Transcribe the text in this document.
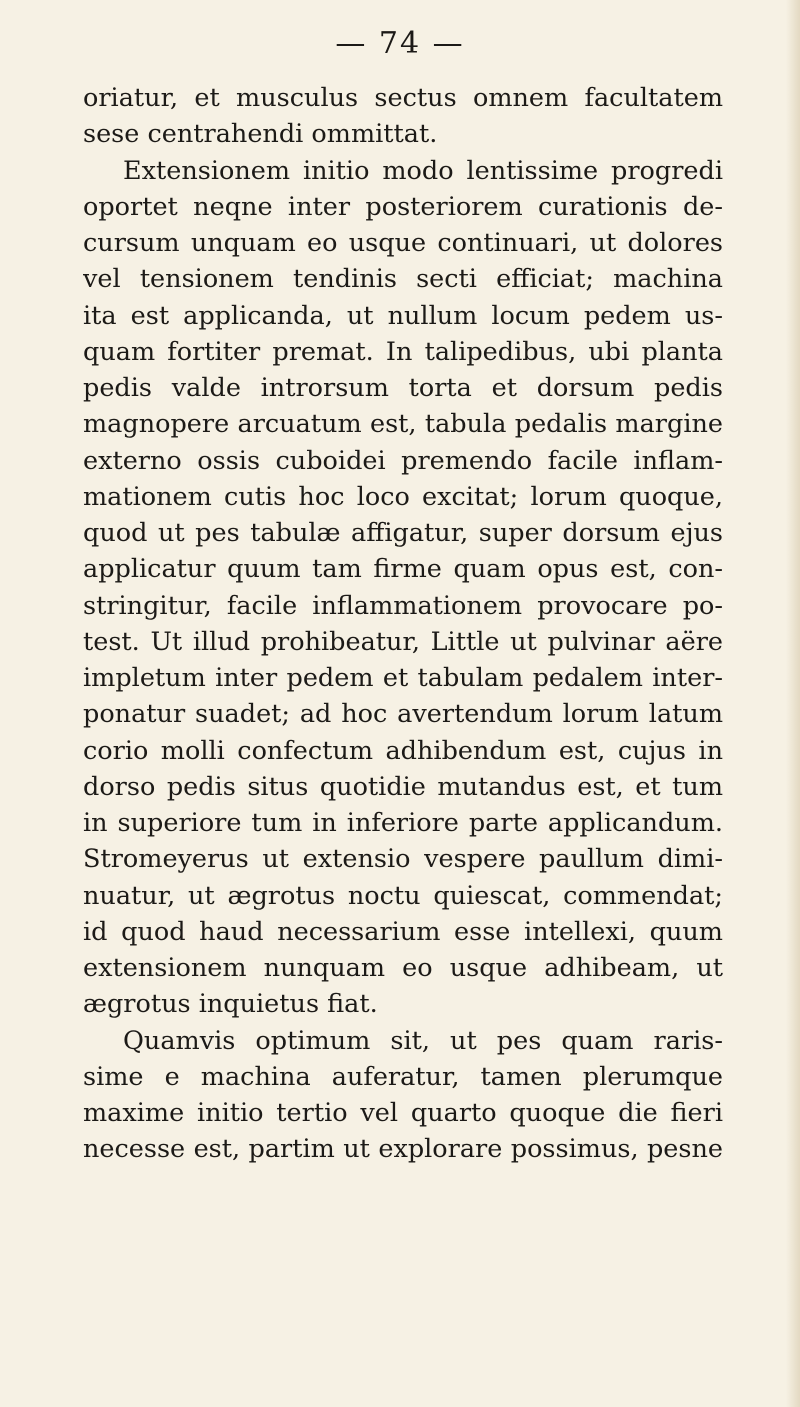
— 74 —
oriatur, et musculus sectus omnem facultatem
sese centrahendi ommittat.
Extensionem initio modo lentissime progredi
oportet neqne inter posteriorem curationis de-
cursum unquam eo usque continuari, ut dolores
vel tensionem tendinis secti efficiat; machina
ita est applicanda, ut nullum locum pedem us-
quam fortiter premat. In talipedibus, ubi planta
pedis valde introrsum torta et dorsum pedis
magnopere arcuatum est, tabula pedalis margine
externo ossis cuboidei premendo facile inflam-
mationem cutis hoc loco excitat; lorum quoque,
quod ut pes tabulæ affigatur, super dorsum ejus
applicatur quum tam firme quam opus est, con-
stringitur, facile inflammationem provocare po-
test. Ut illud prohibeatur, Little ut pulvinar aëre
impletum inter pedem et tabulam pedalem inter-
ponatur suadet; ad hoc avertendum lorum latum
corio molli confectum adhibendum est, cujus in
dorso pedis situs quotidie mutandus est, et tum
in superiore tum in inferiore parte applicandum.
Stromeyerus ut extensio vespere paullum dimi-
nuatur, ut ægrotus noctu quiescat, commendat;
id quod haud necessarium esse intellexi, quum
extensionem nunquam eo usque adhibeam, ut
ægrotus inquietus fiat.
Quamvis optimum sit, ut pes quam raris-
sime e machina auferatur, tamen plerumque
maxime initio tertio vel quarto quoque die fieri
necesse est, partim ut explorare possimus, pesne
